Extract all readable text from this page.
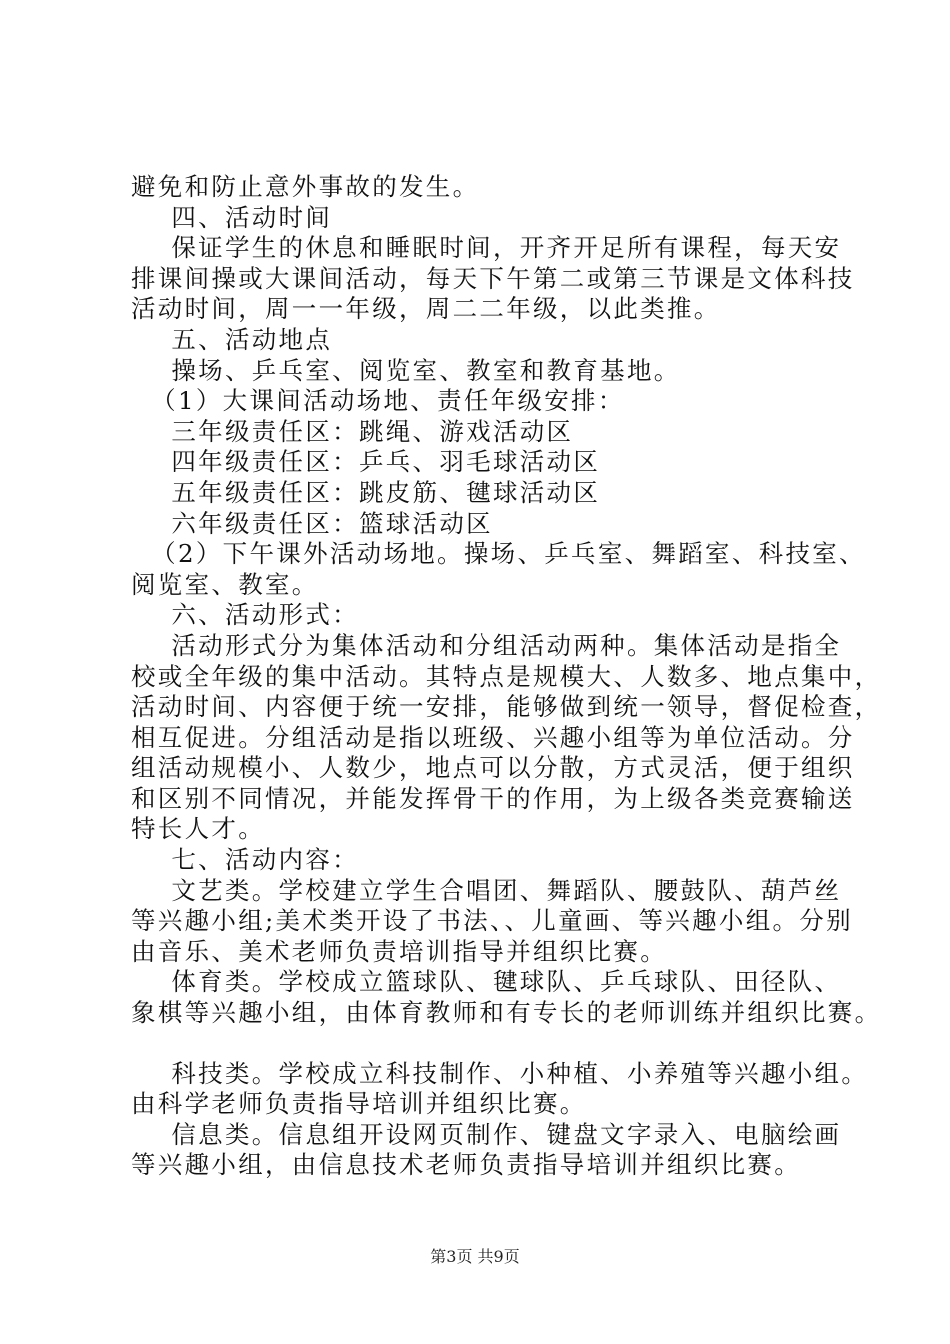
避免和防止意外事故的发生。

四、活动时间

保证学生的休息和睡眠时间，开齐开足所有课程，每天安

排课间操或大课间活动，每天下午第二或第三节课是文体科技

活动时间，周一一年级，周二二年级，以此类推。

五、活动地点

操场、乒乓室、阅览室、教室和教育基地。

（1）大课间活动场地、责任年级安排：

三年级责任区：跳绳、游戏活动区

四年级责任区：乒乓、羽毛球活动区

五年级责任区：跳皮筋、毽球活动区

六年级责任区：篮球活动区

（2）下午课外活动场地。操场、乒乓室、舞蹈室、科技室、

阅览室、教室。

六、活动形式：

活动形式分为集体活动和分组活动两种。集体活动是指全

校或全年级的集中活动。其特点是规模大、人数多、地点集中，

活动时间、内容便于统一安排，能够做到统一领导，督促检查，

相互促进。分组活动是指以班级、兴趣小组等为单位活动。分

组活动规模小、人数少，地点可以分散，方式灵活，便于组织

和区别不同情况，并能发挥骨干的作用，为上级各类竞赛输送

特长人才。

七、活动内容：

文艺类。学校建立学生合唱团、舞蹈队、腰鼓队、葫芦丝

等兴趣小组;美术类开设了书法、、儿童画、等兴趣小组。分别

由音乐、美术老师负责培训指导并组织比赛。

体育类。学校成立篮球队、毽球队、乒乓球队、田径队、

象棋等兴趣小组，由体育教师和有专长的老师训练并组织比赛。

科技类。学校成立科技制作、小种植、小养殖等兴趣小组。

由科学老师负责指导培训并组织比赛。

信息类。信息组开设网页制作、键盘文字录入、电脑绘画

等兴趣小组，由信息技术老师负责指导培训并组织比赛。

第3页 共9页
